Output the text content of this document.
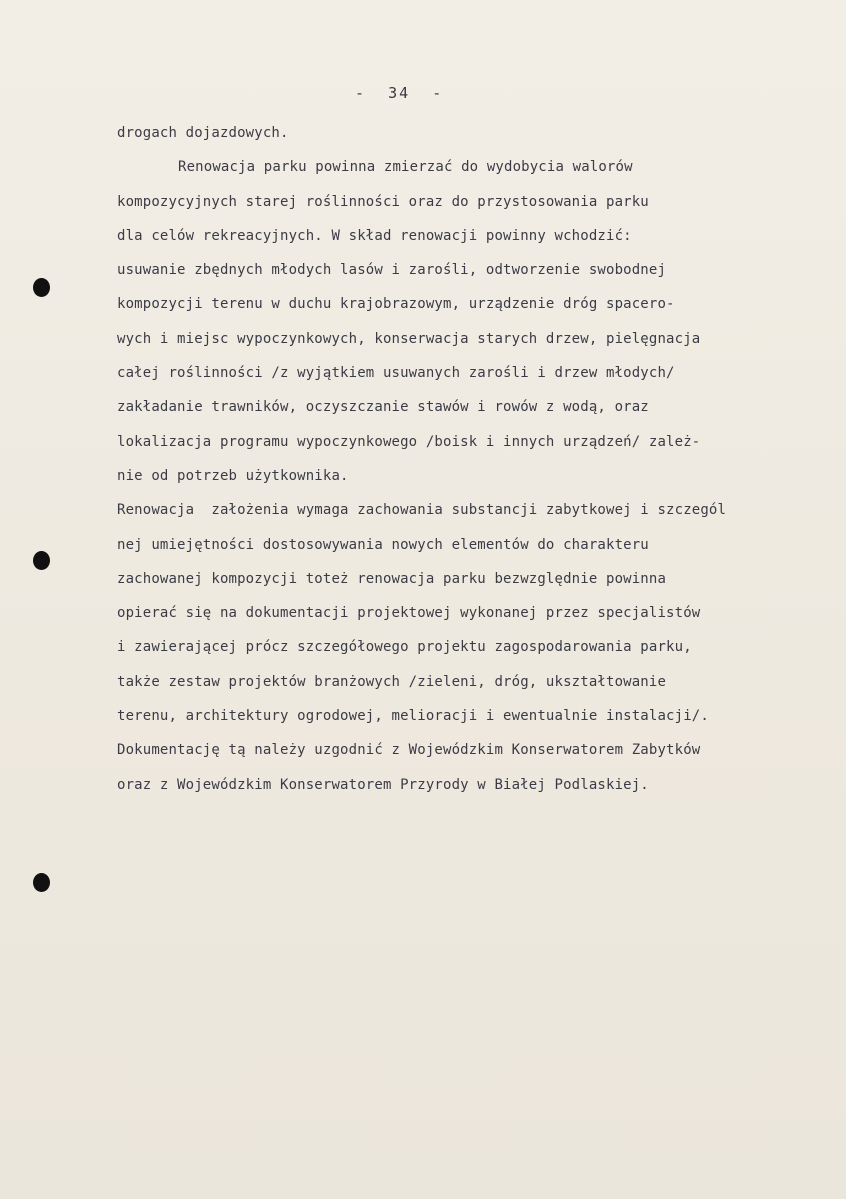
-  34  -
drogach dojazdowych.
Renowacja parku powinna zmierzać do wydobycia walorów
kompozycyjnych starej roślinności oraz do przystosowania parku
dla celów rekreacyjnych. W skład renowacji powinny wchodzić:
usuwanie zbędnych młodych lasów i zarośli, odtworzenie swobodnej
kompozycji terenu w duchu krajobrazowym, urządzenie dróg spacero-
wych i miejsc wypoczynkowych, konserwacja starych drzew, pielęgnacja
całej roślinności /z wyjątkiem usuwanych zarośli i drzew młodych/
zakładanie trawników, oczyszczanie stawów i rowów z wodą, oraz
lokalizacja programu wypoczynkowego /boisk i innych urządzeń/ zależ-
nie od potrzeb użytkownika.
Renowacja  założenia wymaga zachowania substancji zabytkowej i szczegól
nej umiejętności dostosowywania nowych elementów do charakteru
zachowanej kompozycji toteż renowacja parku bezwzględnie powinna
opierać się na dokumentacji projektowej wykonanej przez specjalistów
i zawierającej prócz szczegółowego projektu zagospodarowania parku,
także zestaw projektów branżowych /zieleni, dróg, ukształtowanie
terenu, architektury ogrodowej, melioracji i ewentualnie instalacji/.
Dokumentację tą należy uzgodnić z Wojewódzkim Konserwatorem Zabytków
oraz z Wojewódzkim Konserwatorem Przyrody w Białej Podlaskiej.
